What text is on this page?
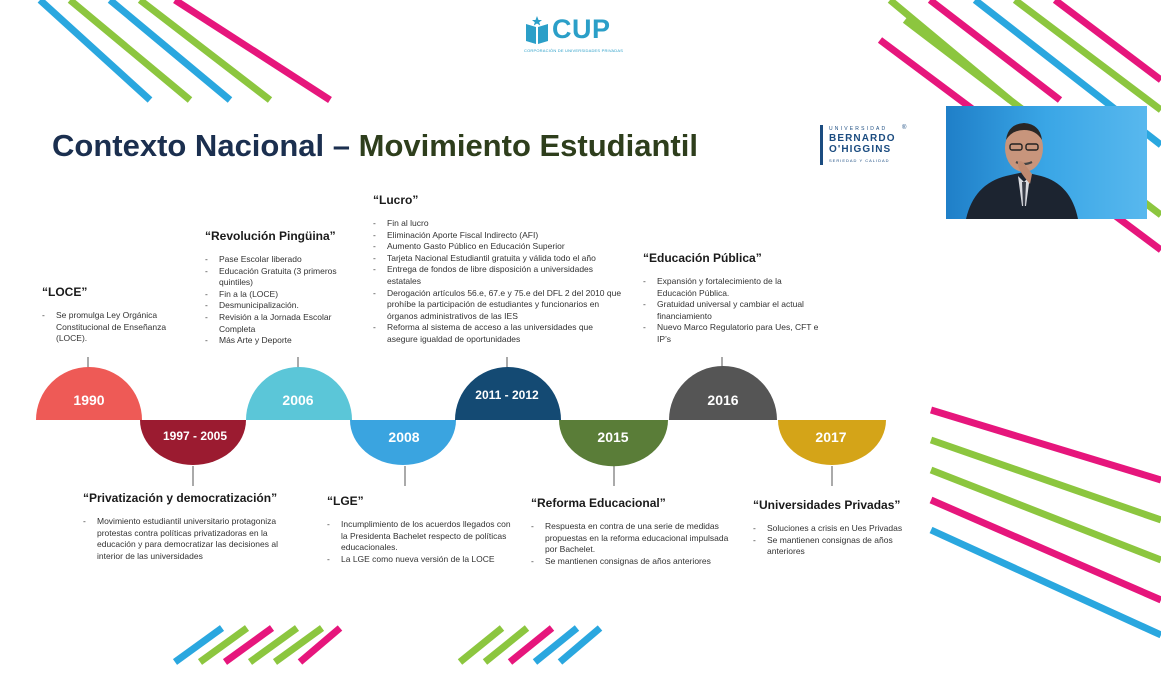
CUP
CORPORACIÓN DE UNIVERSIDADES PRIVADAS
Contexto Nacional – Movimiento Estudiantil	UNIVERSIDAD
BERNARDO
O'HIGGINS
SERIEDAD Y CALIDAD
®
1990
1997 - 2005
2006
2008
2011 - 2012
2015
2016
2017
“LOCE”
- Se promulga Ley Orgánica Constitucional de Enseñanza (LOCE).
“Privatización y democratización”
- Movimiento estudiantil universitario protagoniza protestas contra políticas privatizadoras en la educación y para democratizar las decisiones al interior de las universidades
“Revolución Pingüina”
- Pase Escolar liberado
- Educación Gratuita (3 primeros quintiles)
- Fin a la (LOCE)
- Desmunicipalización.
- Revisión a la Jornada Escolar Completa
- Más Arte y Deporte
“LGE”
- Incumplimiento de los acuerdos llegados con la Presidenta Bachelet respecto de políticas educacionales.
- La LGE como nueva versión de la LOCE
“Lucro”
- Fin al lucro
- Eliminación Aporte Fiscal Indirecto (AFI)
- Aumento Gasto Público en Educación Superior
- Tarjeta Nacional Estudiantil gratuita y válida todo el año
- Entrega de fondos de libre disposición a universidades estatales
- Derogación artículos 56.e, 67.e y 75.e del DFL 2 del 2010 que prohíbe la participación de estudiantes y funcionarios en órganos administrativos de las IES
- Reforma al sistema de acceso a las universidades que asegure igualdad de oportunidades
“Reforma Educacional”
- Respuesta en contra de una serie de medidas propuestas en la reforma educacional impulsada por Bachelet.
- Se mantienen consignas de años anteriores
“Educación Pública”
- Expansión y fortalecimiento de la Educación Pública.
- Gratuidad universal y cambiar el actual financiamiento
- Nuevo Marco Regulatorio para Ues, CFT e IP’s
“Universidades Privadas”
- Soluciones a crisis en Ues Privadas
- Se mantienen consignas de años anteriores
